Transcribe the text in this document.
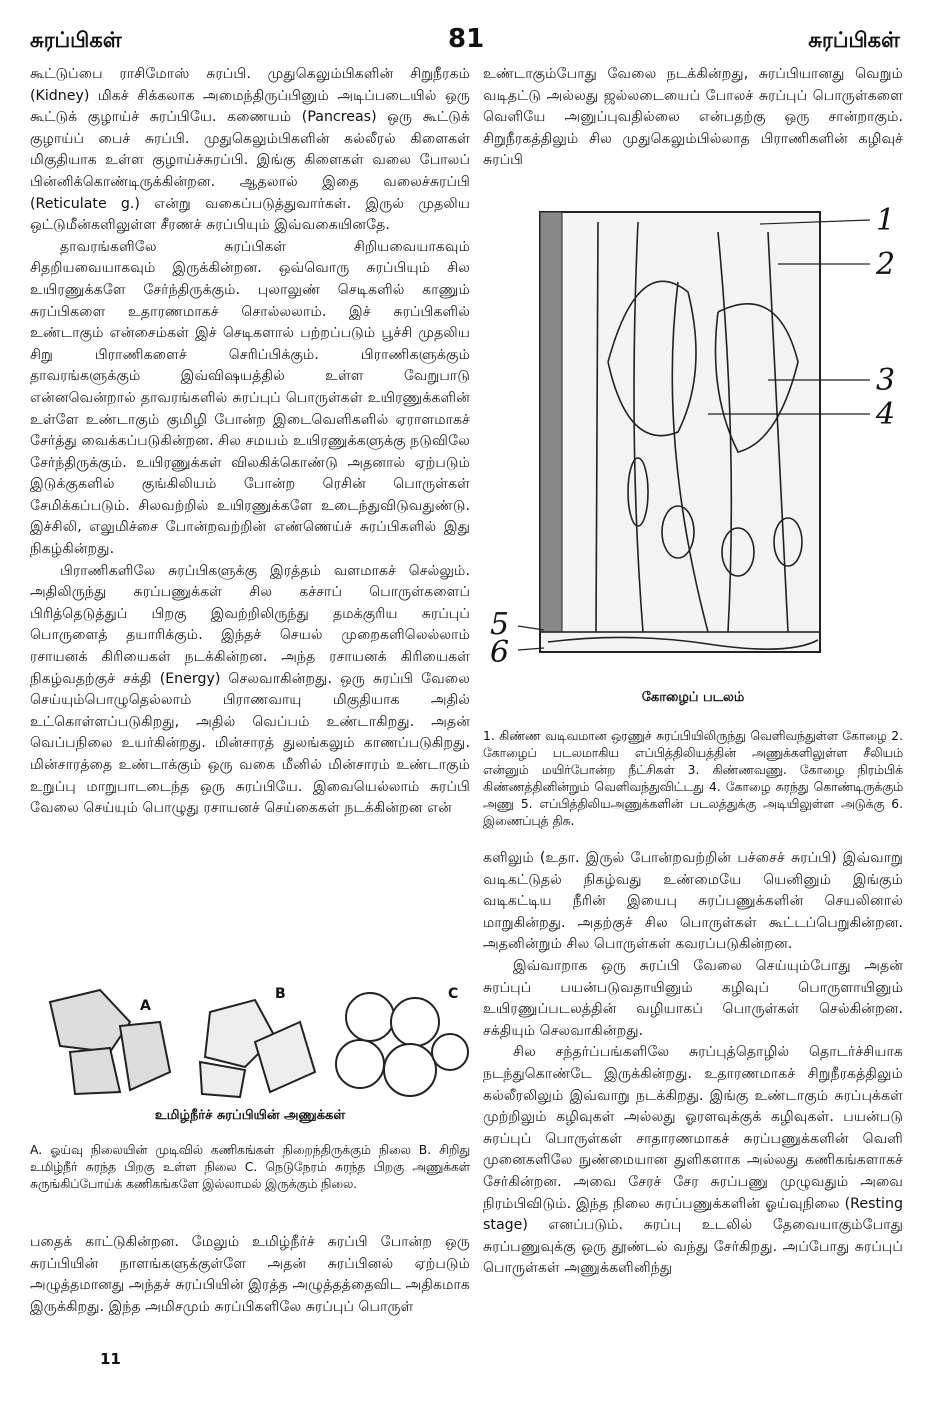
சுரப்பிகள்	81	சுரப்பிகள்

கூட்டுப்பை ராசிமோஸ் சுரப்பி. முதுகெலும்பிகளின் சிறுநீரகம் (Kidney) மிகச் சிக்கலாக அமைந்திருப்பினும் அடிப்படையில் ஒரு கூட்டுக் குழாய்ச் சுரப்பியே. கணையம் (Pancreas) ஒரு கூட்டுக் குழாய்ப் பைச் சுரப்பி. முதுகெலும்பிகளின் கல்லீரல் கிளைகள் மிகுதியாக உள்ள குழாய்ச்சுரப்பி. இங்கு கிளைகள் வலை போலப் பின்னிக்கொண்டிருக்கின்றன. ஆதலால் இதை வலைச்சுரப்பி (Reticulate g.) என்று வகைப்படுத்துவார்கள். இருல் முதலிய ஒட்டுமீன்களிலுள்ள சீரணச் சுரப்பியும் இவ்வகையினதே.

தாவரங்களிலே சுரப்பிகள் சிறியவையாகவும் சிதறியவையாகவும் இருக்கின்றன. ஒவ்வொரு சுரப்பியும் சில உயிரணுக்களே சேர்ந்திருக்கும். புலாலுண் செடிகளில் காணும் சுரப்பிகளை உதாரணமாகச் சொல்லலாம். இச் சுரப்பிகளில் உண்டாகும் என்சைம்கள் இச் செடிகளால் பற்றப்படும் பூச்சி முதலிய சிறு பிராணிகளைச் செரிப்பிக்கும். பிராணிகளுக்கும் தாவரங்களுக்கும் இவ்விஷயத்தில் உள்ள வேறுபாடு என்னவென்றால் தாவரங்களில் சுரப்புப் பொருள்கள் உயிரணுக்களின் உள்ளே உண்டாகும் குமிழி போன்ற இடைவெளிகளில் ஏராளமாகச் சேர்த்து வைக்கப்படுகின்றன. சில சமயம் உயிரணுக்களுக்கு நடுவிலே சேர்ந்திருக்கும். உயிரணுக்கள் விலகிக்கொண்டு அதனால் ஏற்படும் இடுக்குகளில் குங்கிலியம் போன்ற ரெசின் பொருள்கள் சேமிக்கப்படும். சிலவற்றில் உயிரணுக்களே உடைந்துவிடுவதுண்டு. இச்சிலி, எலுமிச்சை போன்றவற்றின் எண்ணெய்ச் சுரப்பிகளில் இது நிகழ்கின்றது.

பிராணிகளிலே சுரப்பிகளுக்கு இரத்தம் வளமாகச் செல்லும். அதிலிருந்து சுரப்பணுக்கள் சில கச்சாப் பொருள்களைப் பிரித்தெடுத்துப் பிறகு இவற்றிலிருந்து தமக்குரிய சுரப்புப் பொருளைத் தயாரிக்கும். இந்தச் செயல் முறைகளிலெல்லாம் ரசாயனக் கிரியைகள் நடக்கின்றன. அந்த ரசாயனக் கிரியைகள் நிகழ்வதற்குச் சக்தி (Energy) செலவாகின்றது. ஒரு சுரப்பி வேலை செய்யும்பொழுதெல்லாம் பிராணவாயு மிகுதியாக அதில் உட்கொள்ளப்படுகிறது, அதில் வெப்பம் உண்டாகிறது. அதன் வெப்பநிலை உயர்கின்றது. மின்சாரத் துலங்கலும் காணப்படுகிறது. மின்சாரத்தை உண்டாக்கும் ஒரு வகை மீனில் மின்சாரம் உண்டாகும் உறுப்பு மாறுபாடடைந்த ஒரு சுரப்பியே. இவையெல்லாம் சுரப்பி வேலை செய்யும் பொழுது ரசாயனச் செய்கைகள் நடக்கின்றன என்

உண்டாகும்போது வேலை நடக்கின்றது, சுரப்பியானது வெறும் வடிதட்டு அல்லது ஜல்லடையைப் போலச் சுரப்புப் பொருள்களை வெளியே அனுப்புவதில்லை என்பதற்கு ஒரு சான்றாகும். சிறுநீரகத்திலும் சில முதுகெலும்பில்லாத பிராணிகளின் கழிவுச் சுரப்பி

1
2
3
4
5
6
கோழைப் படலம்
1. கிண்ண வடிவமான ஒரணுச் சுரப்பியிலிருந்து வெளிவந்துள்ள கோழை 2. கோழைப் படலமாகிய எப்பித்திலியத்தின் அணுக்களிலுள்ள சீலியம் என்னும் மயிர்போன்ற நீட்சிகள் 3. கிண்ணவணு. கோழை நிரம்பிக் கிண்ணத்தினின்றும் வெளிவந்துவிட்டது 4. கோழை சுரந்து கொண்டிருக்கும் அணு 5. எப்பித்திலியஅணுக்களின் படலத்துக்கு அடியிலுள்ள அடுக்கு 6. இணைப்புத் திசு.

களிலும் (உதா. இருல் போன்றவற்றின் பச்சைச் சுரப்பி) இவ்வாறு வடிகட்டுதல் நிகழ்வது உண்மையே யெனினும் இங்கும் வடிகட்டிய நீரின் இயைபு சுரப்பணுக்களின் செயலினால் மாறுகின்றது. அதற்குச் சில பொருள்கள் கூட்டப்பெறுகின்றன. அதனின்றும் சில பொருள்கள் கவரப்படுகின்றன.

இவ்வாறாக ஒரு சுரப்பி வேலை செய்யும்போது அதன் சுரப்புப் பயன்படுவதாயினும் கழிவுப் பொருளாயினும் உயிரணுப்படலத்தின் வழியாகப் பொருள்கள் செல்கின்றன. சக்தியும் செலவாகின்றது.

சில சந்தர்ப்பங்களிலே சுரப்புத்தொழில் தொடர்ச்சியாக நடந்துகொண்டே இருக்கின்றது. உதாரணமாகச் சிறுநீரகத்திலும் கல்லீரலிலும் இவ்வாறு நடக்கிறது. இங்கு உண்டாகும் சுரப்புக்கள் முற்றிலும் கழிவுகள் அல்லது ஓரளவுக்குக் கழிவுகள். பயன்படு சுரப்புப் பொருள்கள் சாதாரணமாகச் சுரப்பணுக்களின் வெளி முனைகளிலே நுண்மையான துளிகளாக அல்லது கணிகங்களாகச் சேர்கின்றன. அவை சேரச் சேர சுரப்பணு முழுவதும் அவை நிரம்பிவிடும். இந்த நிலை சுரப்பணுக்களின் ஓய்வுநிலை (Resting stage) எனப்படும். சுரப்பு உடலில் தேவையாகும்போது சுரப்பணுவுக்கு ஒரு தூண்டல் வந்து சேர்கிறது. அப்போது சுரப்புப் பொருள்கள் அணுக்களினிந்து

A
B	C
உமிழ்நீர்ச் சுரப்பியின் அணுக்கள்
A. ஓய்வு நிலையின் முடிவில் கணிகங்கள் நிறைந்திருக்கும் நிலை B. சிறிது உமிழ்நீர் சுரந்த பிறகு உள்ள நிலை C. நெடுநேரம் சுரந்த பிறகு அணுக்கள் சுருங்கிப்போய்க் கணிகங்களே இல்லாமல் இருக்கும் நிலை.

பதைக் காட்டுகின்றன. மேலும் உமிழ்நீர்ச் சுரப்பி போன்ற ஒரு சுரப்பியின் நாளங்களுக்குள்ளே அதன் சுரப்பினல் ஏற்படும் அழுத்தமானது அந்தச் சுரப்பியின் இரத்த அழுத்தத்தைவிட அதிகமாக இருக்கிறது. இந்த அமிசமும் சுரப்பிகளிலே சுரப்புப் பொருள்

11
